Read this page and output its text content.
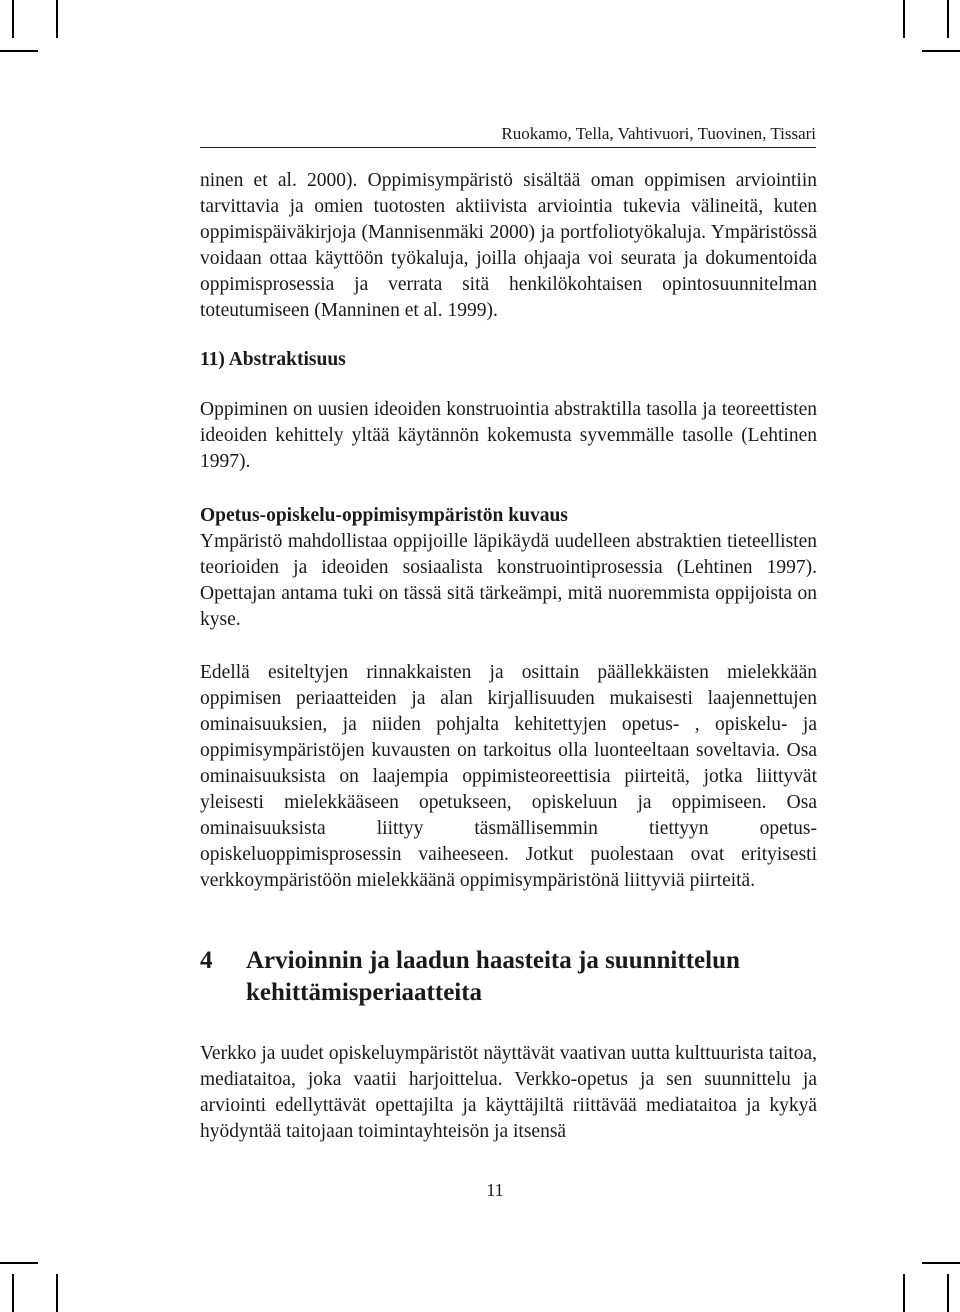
Ruokamo, Tella, Vahtivuori, Tuovinen, Tissari

ninen et al. 2000). Oppimisympäristö sisältää oman oppimisen arviointiin tarvittavia ja omien tuotosten aktiivista arviointia tukevia välineitä, kuten oppimispäiväkirjoja (Mannisenmäki 2000) ja portfoliotyökaluja. Ympäristössä voidaan ottaa käyttöön työkaluja, joilla ohjaaja voi seurata ja dokumentoida oppimisprosessia ja verrata sitä henkilökohtaisen opintosuunnitelman toteutumiseen (Manninen et al. 1999).

11) Abstraktisuus

Oppiminen on uusien ideoiden konstruointia abstraktilla tasolla ja teoreettisten ideoiden kehittely yltää käytännön kokemusta syvemmälle tasolle (Lehtinen 1997).

Opetus-opiskelu-oppimisympäristön kuvaus

Ympäristö mahdollistaa oppijoille läpikäydä uudelleen abstraktien tieteellisten teorioiden ja ideoiden sosiaalista konstruointiprosessia (Lehtinen 1997). Opettajan antama tuki on tässä sitä tärkeämpi, mitä nuoremmista oppijoista on kyse.

Edellä esiteltyjen rinnakkaisten ja osittain päällekkäisten mielekkään oppimisen periaatteiden ja alan kirjallisuuden mukaisesti laajennettujen ominaisuuksien, ja niiden pohjalta kehitettyjen opetus- , opiskelu- ja oppimisympäristöjen kuvausten on tarkoitus olla luonteeltaan soveltavia. Osa ominaisuuksista on laajempia oppimisteoreettisia piirteitä, jotka liittyvät yleisesti mielekkääseen opetukseen, opiskeluun ja oppimiseen. Osa ominaisuuksista liittyy täsmällisemmin tiettyyn opetus-opiskeluoppimisprosessin vaiheeseen. Jotkut puolestaan ovat erityisesti verkkoympäristöön mielekkäänä oppimisympäristönä liittyviä piirteitä.

4	Arvioinnin ja laadun haasteita ja suunnittelun kehittämisperiaatteita

Verkko ja uudet opiskeluympäristöt näyttävät vaativan uutta kulttuurista taitoa, mediataitoa, joka vaatii harjoittelua. Verkko-opetus ja sen suunnittelu ja arviointi edellyttävät opettajilta ja käyttäjiltä riittävää mediataitoa ja kykyä hyödyntää taitojaan toimintayhteisön ja itsensä

11
